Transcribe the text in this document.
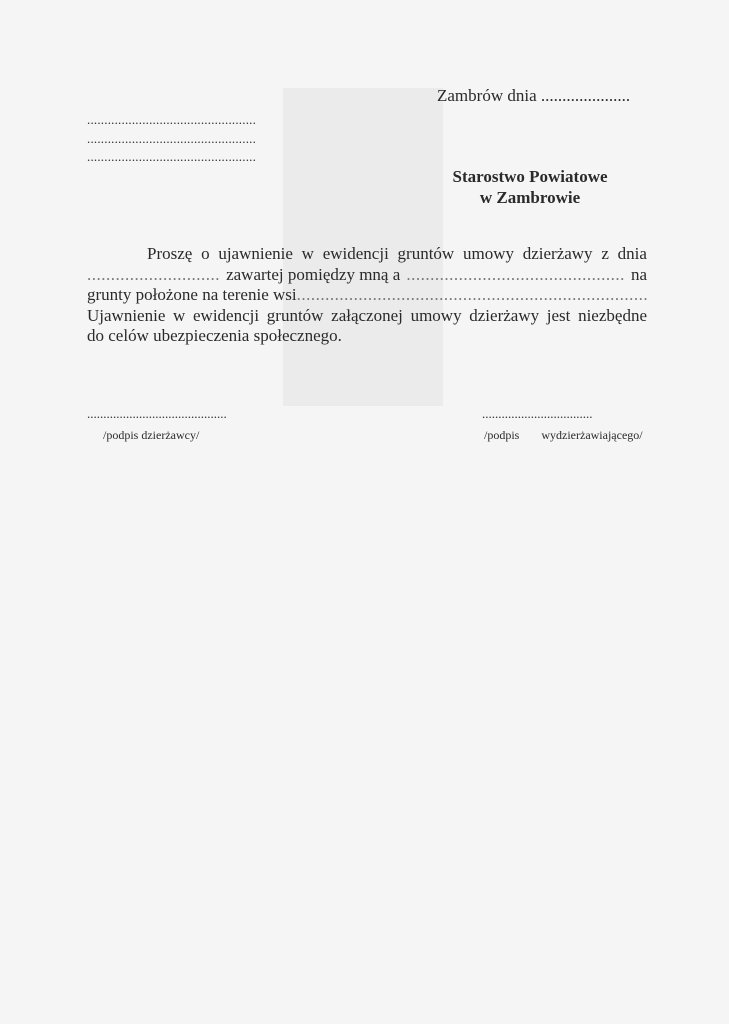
Zambrów dnia .....................
.................................................
.................................................
.................................................
Starostwo Powiatowe
w Zambrowie
Proszę o ujawnienie w ewidencji gruntów umowy dzierżawy z dnia
............................ zawartej pomiędzy mną a .............................................. na
grunty położone na terenie wsi..........................................................................
Ujawnienie w ewidencji gruntów załączonej umowy dzierżawy jest niezbędne
do celów ubezpieczenia społecznego.
...........................................	..................................
/podpis dzierżawcy/	/podpis wydzierżawiającego/
